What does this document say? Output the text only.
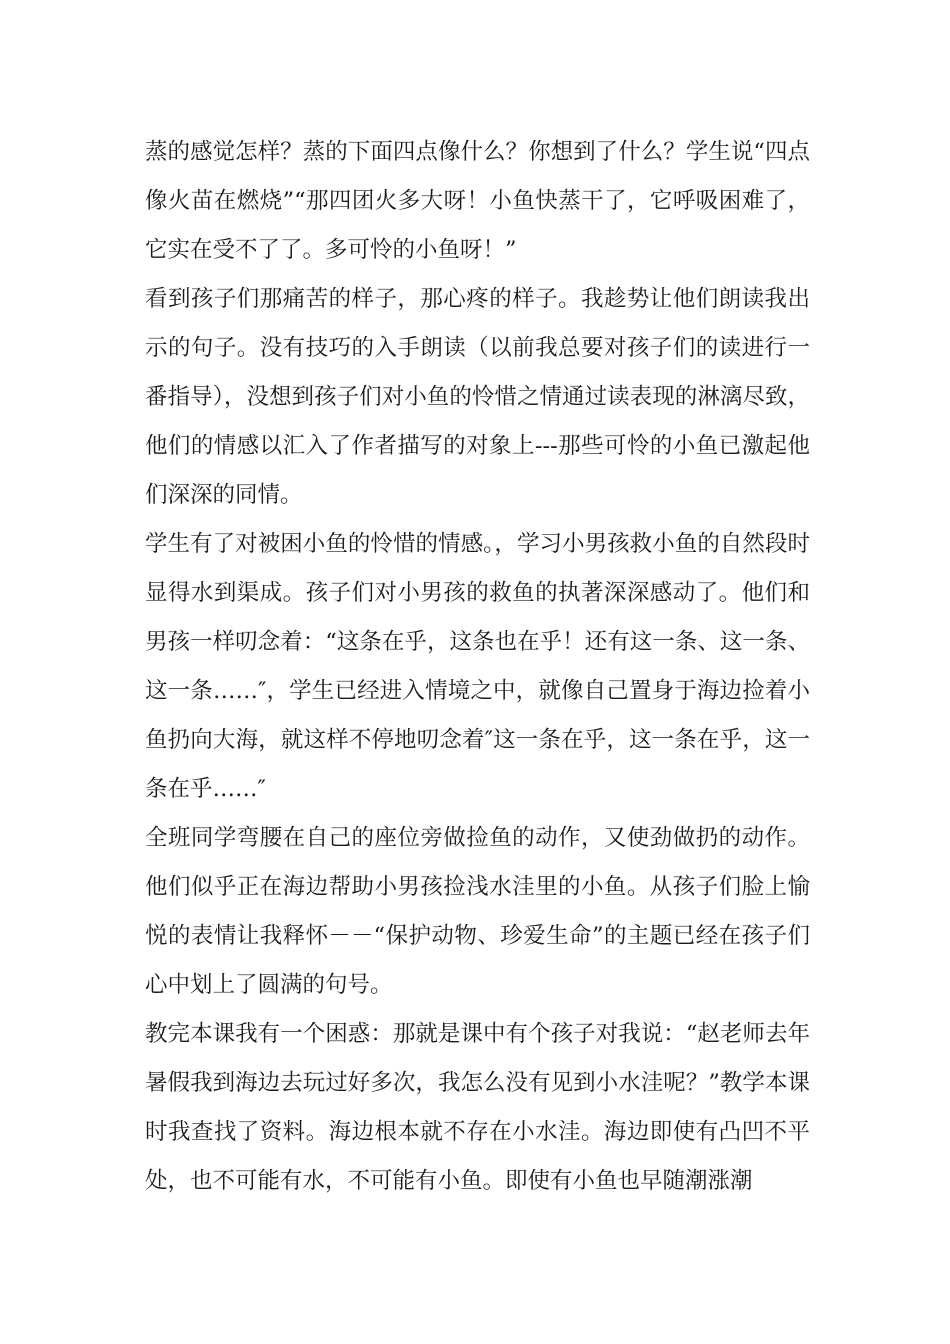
蒸的感觉怎样？蒸的下面四点像什么？你想到了什么？学生说“四点像火苗在燃烧”“那四团火多大呀！小鱼快蒸干了，它呼吸困难了，它实在受不了了。多可怜的小鱼呀！”

看到孩子们那痛苦的样子，那心疼的样子。我趁势让他们朗读我出示的句子。没有技巧的入手朗读（以前我总要对孩子们的读进行一番指导），没想到孩子们对小鱼的怜惜之情通过读表现的淋漓尽致，他们的情感以汇入了作者描写的对象上---那些可怜的小鱼已激起他们深深的同情。

学生有了对被困小鱼的怜惜的情感。，学习小男孩救小鱼的自然段时显得水到渠成。孩子们对小男孩的救鱼的执著深深感动了。他们和男孩一样叨念着：“这条在乎，这条也在乎！还有这一条、这一条、这一条……″，学生已经进入情境之中，就像自己置身于海边捡着小鱼扔向大海，就这样不停地叨念着″这一条在乎，这一条在乎，这一条在乎……″

全班同学弯腰在自己的座位旁做捡鱼的动作，又使劲做扔的动作。他们似乎正在海边帮助小男孩捡浅水洼里的小鱼。从孩子们脸上愉悦的表情让我释怀－－“保护动物、珍爱生命”的主题已经在孩子们心中划上了圆满的句号。

教完本课我有一个困惑：那就是课中有个孩子对我说：“赵老师去年暑假我到海边去玩过好多次，我怎么没有见到小水洼呢？”教学本课时我查找了资料。海边根本就不存在小水洼。海边即使有凸凹不平处，也不可能有水，不可能有小鱼。即使有小鱼也早随潮涨潮
